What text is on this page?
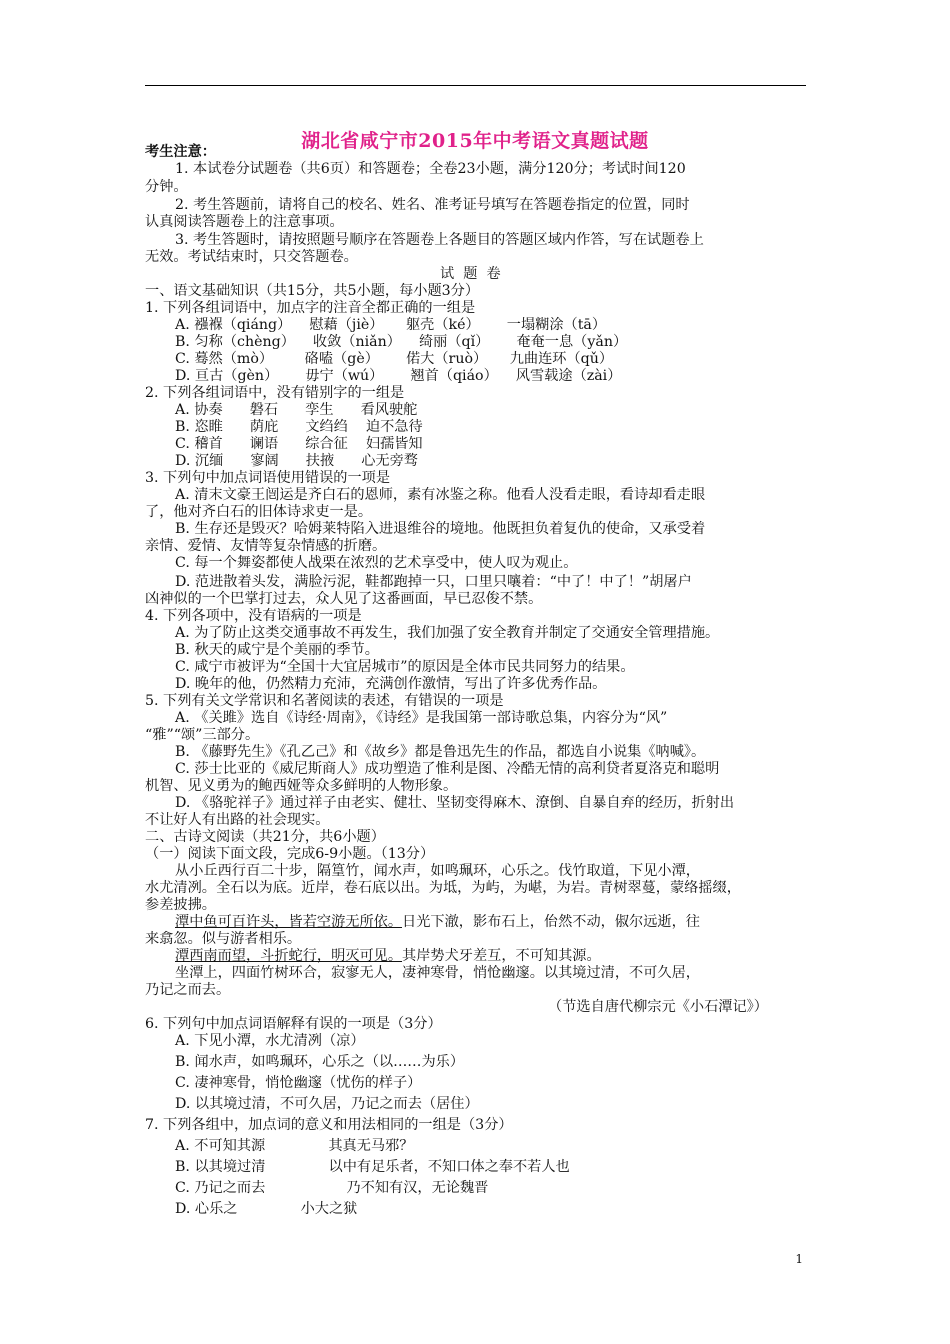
湖北省咸宁市2015年中考语文真题试题
考生注意：
1. 本试卷分试题卷（共6页）和答题卷；全卷23小题，满分120分；考试时间120
分钟。
2. 考生答题前，请将自己的校名、姓名、准考证号填写在答题卷指定的位置，同时
认真阅读答题卷上的注意事项。
3. 考生答题时，请按照题号顺序在答题卷上各题目的答题区域内作答，写在试题卷上
无效。考试结束时，只交答题卷。
试  题  卷
一、语文基础知识（共15分，共5小题，每小题3分）
1. 下列各组词语中，加点字的注音全都正确的一组是
A. 襁褓（qiáng）    慰藉（jiè）     躯壳（ké）      一塌糊涂（tā）
B. 匀称（chèng）    收敛（niǎn）    绮丽（qǐ）      奄奄一息（yǎn）
C. 蓦然（mò）       硌嗑（gè）      偌大（ruò）     九曲连环（qǔ）
D. 亘古（gèn）      毋宁（wú）      翘首（qiáo）    风雪载途（zài）
2. 下列各组词语中，没有错别字的一组是
A. 协奏      磐石      孪生      看风驶舵
B. 恣睢      荫庇      文绉绉    迫不急待
C. 稽首      谰语      综合征    妇孺皆知
D. 沉缅      寥阔      扶掖      心无旁骛
3. 下列句中加点词语使用错误的一项是
A. 清末文豪王闿运是齐白石的恩师，素有冰鉴之称。他看人没看走眼，看诗却看走眼
了，他对齐白石的旧体诗求吏一是。
B. 生存还是毁灭？哈姆莱特陷入进退维谷的境地。他既担负着复仇的使命，又承受着
亲情、爱情、友情等复杂情感的折磨。
C. 每一个舞姿都使人战栗在浓烈的艺术享受中，使人叹为观止。
D. 范进散着头发，满脸污泥，鞋都跑掉一只，口里只嚷着：“中了！中了！”胡屠户
凶神似的一个巴掌打过去，众人见了这番画面，早已忍俊不禁。
4. 下列各项中，没有语病的一项是
A. 为了防止这类交通事故不再发生，我们加强了安全教育并制定了交通安全管理措施。
B. 秋天的咸宁是个美丽的季节。
C. 咸宁市被评为“全国十大宜居城市”的原因是全体市民共同努力的结果。
D. 晚年的他，仍然精力充沛，充满创作激情，写出了许多优秀作品。
5. 下列有关文学常识和名著阅读的表述，有错误的一项是
A. 《关雎》选自《诗经·周南》，《诗经》是我国第一部诗歌总集，内容分为“风”
“雅”“颂”三部分。
B. 《藤野先生》《孔乙己》和《故乡》都是鲁迅先生的作品，都选自小说集《呐喊》。
C. 莎士比亚的《威尼斯商人》成功塑造了惟利是图、冷酷无情的高利贷者夏洛克和聪明
机智、见义勇为的鲍西娅等众多鲜明的人物形象。
D. 《骆驼祥子》通过祥子由老实、健壮、坚韧变得麻木、潦倒、自暴自弃的经历，折射出
不让好人有出路的社会现实。
二、古诗文阅读（共21分，共6小题）
（一）阅读下面文段，完成6-9小题。（13分）
从小丘西行百二十步，隔篁竹，闻水声，如鸣珮环，心乐之。伐竹取道，下见小潭，
水尤清冽。全石以为底。近岸，卷石底以出。为坻，为屿，为嵁，为岩。青树翠蔓，蒙络摇缀，
参差披拂。
潭中鱼可百许头，皆若空游无所依。日光下澈，影布石上，佁然不动，俶尔远逝，往
来翕忽。似与游者相乐。
潭西南而望，斗折蛇行，明灭可见。其岸势犬牙差互，不可知其源。
坐潭上，四面竹树环合，寂寥无人，凄神寒骨，悄怆幽邃。以其境过清，不可久居，
乃记之而去。
（节选自唐代柳宗元《小石潭记》）
6. 下列句中加点词语解释有误的一项是（3分）
A. 下见小潭，水尤清冽（凉）
B. 闻水声，如鸣珮环，心乐之（以……为乐）
C. 凄神寒骨，悄怆幽邃（忧伤的样子）
D. 以其境过清，不可久居，乃记之而去（居住）
7. 下列各组中，加点词的意义和用法相同的一组是（3分）
A. 不可知其源              其真无马邪？
B. 以其境过清              以中有足乐者，不知口体之奉不若人也
C. 乃记之而去                  乃不知有汉，无论魏晋
D. 心乐之              小大之狱
1
